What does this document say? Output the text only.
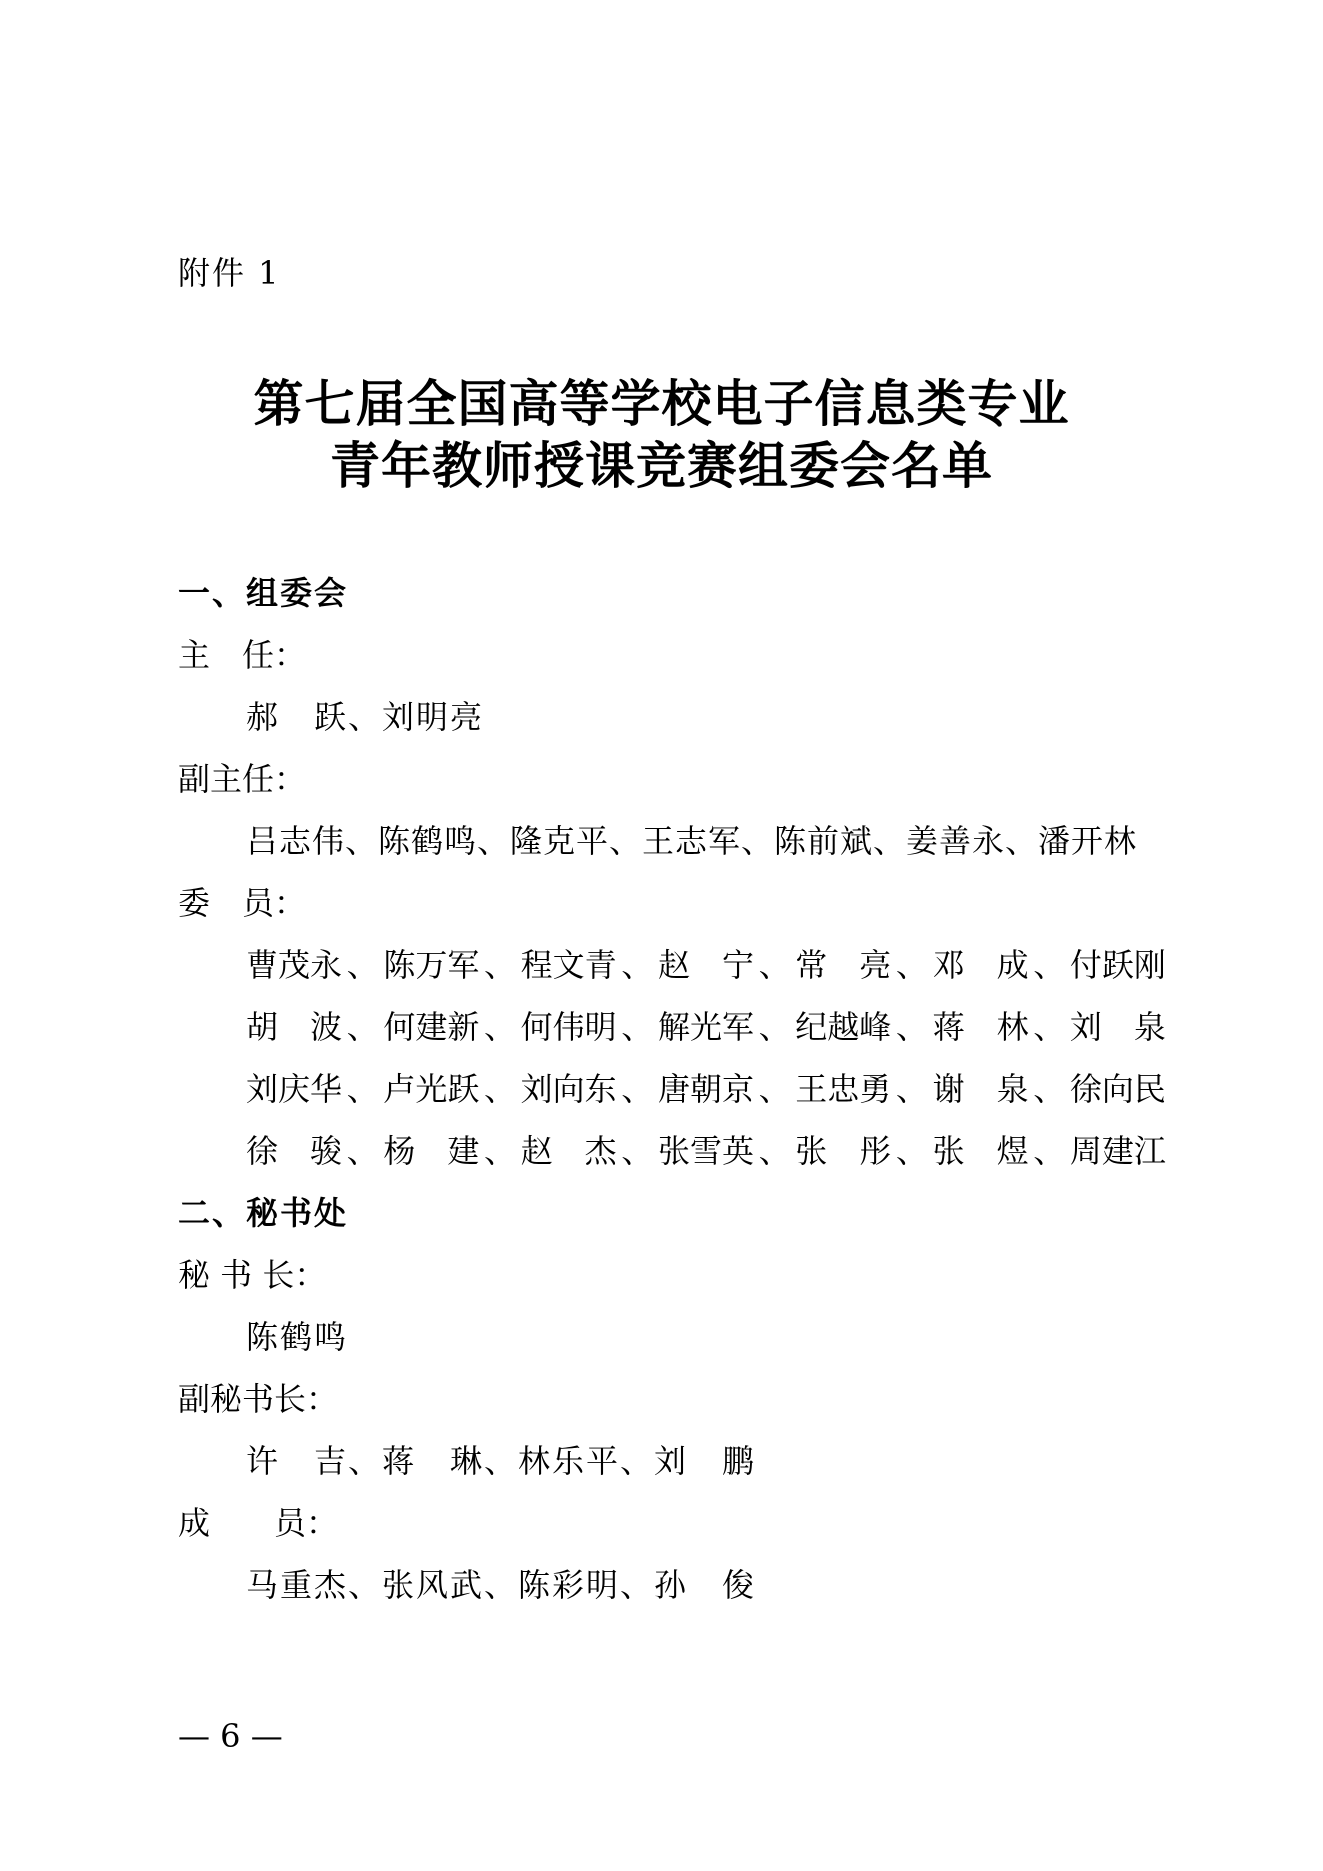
附件 1
第七届全国高等学校电子信息类专业
青年教师授课竞赛组委会名单
一、组委会
主　任：
郝　跃、刘明亮
副主任：
吕志伟、陈鹤鸣、隆克平、王志军、陈前斌、姜善永、潘开林
委　员：
曹茂永 、 陈万军 、 程文青 、 赵　宁 、 常　亮 、 邓　成 、 付跃刚
胡　波 、 何建新 、 何伟明 、 解光军 、 纪越峰 、 蒋　林 、 刘　泉
刘庆华 、 卢光跃 、 刘向东 、 唐朝京 、 王忠勇 、 谢　泉 、 徐向民
徐　骏 、 杨　建 、 赵　杰 、 张雪英 、 张　彤 、 张　煜 、 周建江
二、秘书处
秘 书 长：
陈鹤鸣
副秘书长：
许　吉、蒋　琳、林乐平、刘　鹏
成　　员：
马重杰、张风武、陈彩明、孙　俊
— 6 —
